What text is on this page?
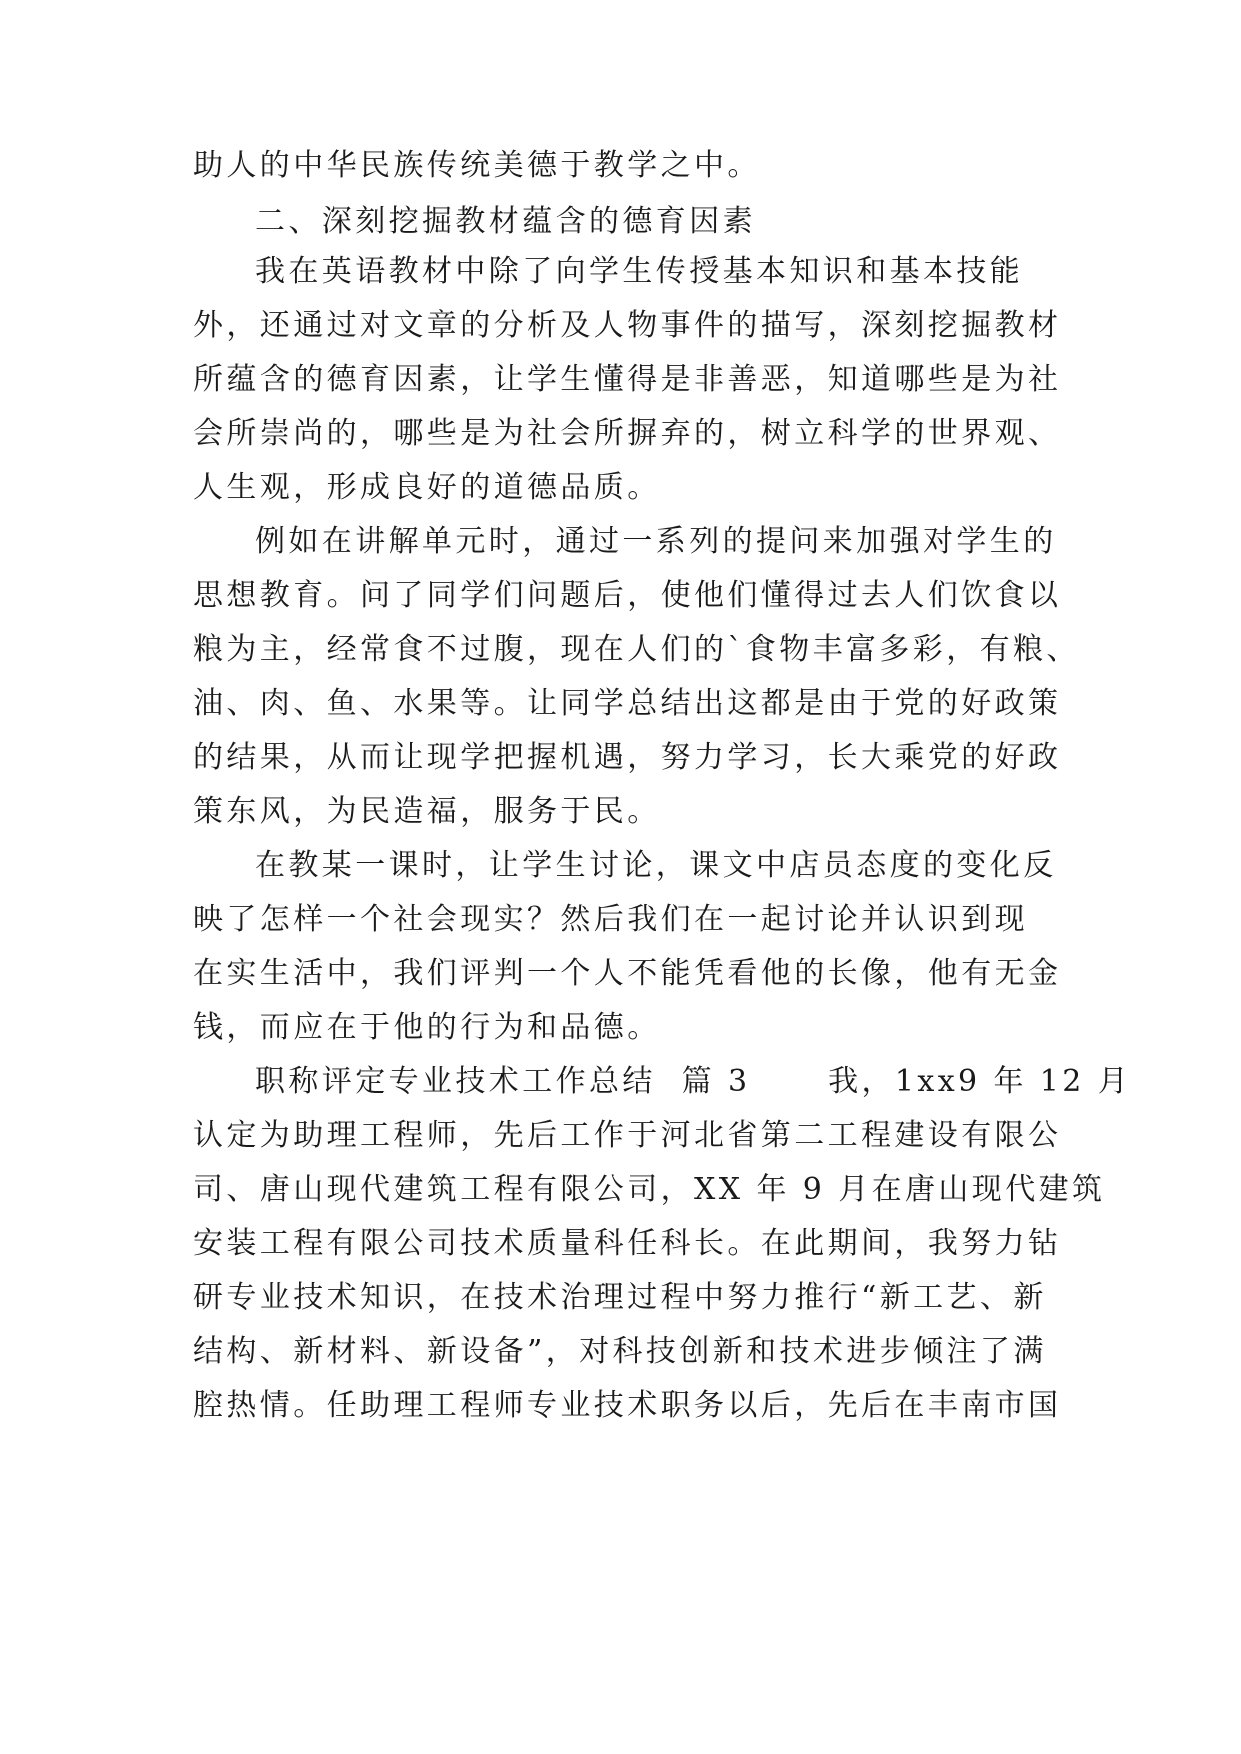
助人的中华民族传统美德于教学之中。
二、深刻挖掘教材蕴含的德育因素
我在英语教材中除了向学生传授基本知识和基本技能
外，还通过对文章的分析及人物事件的描写，深刻挖掘教材
所蕴含的德育因素，让学生懂得是非善恶，知道哪些是为社
会所崇尚的，哪些是为社会所摒弃的，树立科学的世界观、
人生观，形成良好的道德品质。
例如在讲解单元时，通过一系列的提问来加强对学生的
思想教育。问了同学们问题后，使他们懂得过去人们饮食以
粮为主，经常食不过腹，现在人们的`食物丰富多彩，有粮、
油、肉、鱼、水果等。让同学总结出这都是由于党的好政策
的结果，从而让现学把握机遇，努力学习，长大乘党的好政
策东风，为民造福，服务于民。
在教某一课时，让学生讨论，课文中店员态度的变化反
映了怎样一个社会现实？然后我们在一起讨论并认识到现
在实生活中，我们评判一个人不能凭看他的长像，他有无金
钱，而应在于他的行为和品德。
职称评定专业技术工作总结  篇 3      我，1xx9 年 12 月
认定为助理工程师，先后工作于河北省第二工程建设有限公
司、唐山现代建筑工程有限公司，XX 年 9 月在唐山现代建筑
安装工程有限公司技术质量科任科长。在此期间，我努力钻
研专业技术知识，在技术治理过程中努力推行“新工艺、新
结构、新材料、新设备”，对科技创新和技术进步倾注了满
腔热情。任助理工程师专业技术职务以后，先后在丰南市国
